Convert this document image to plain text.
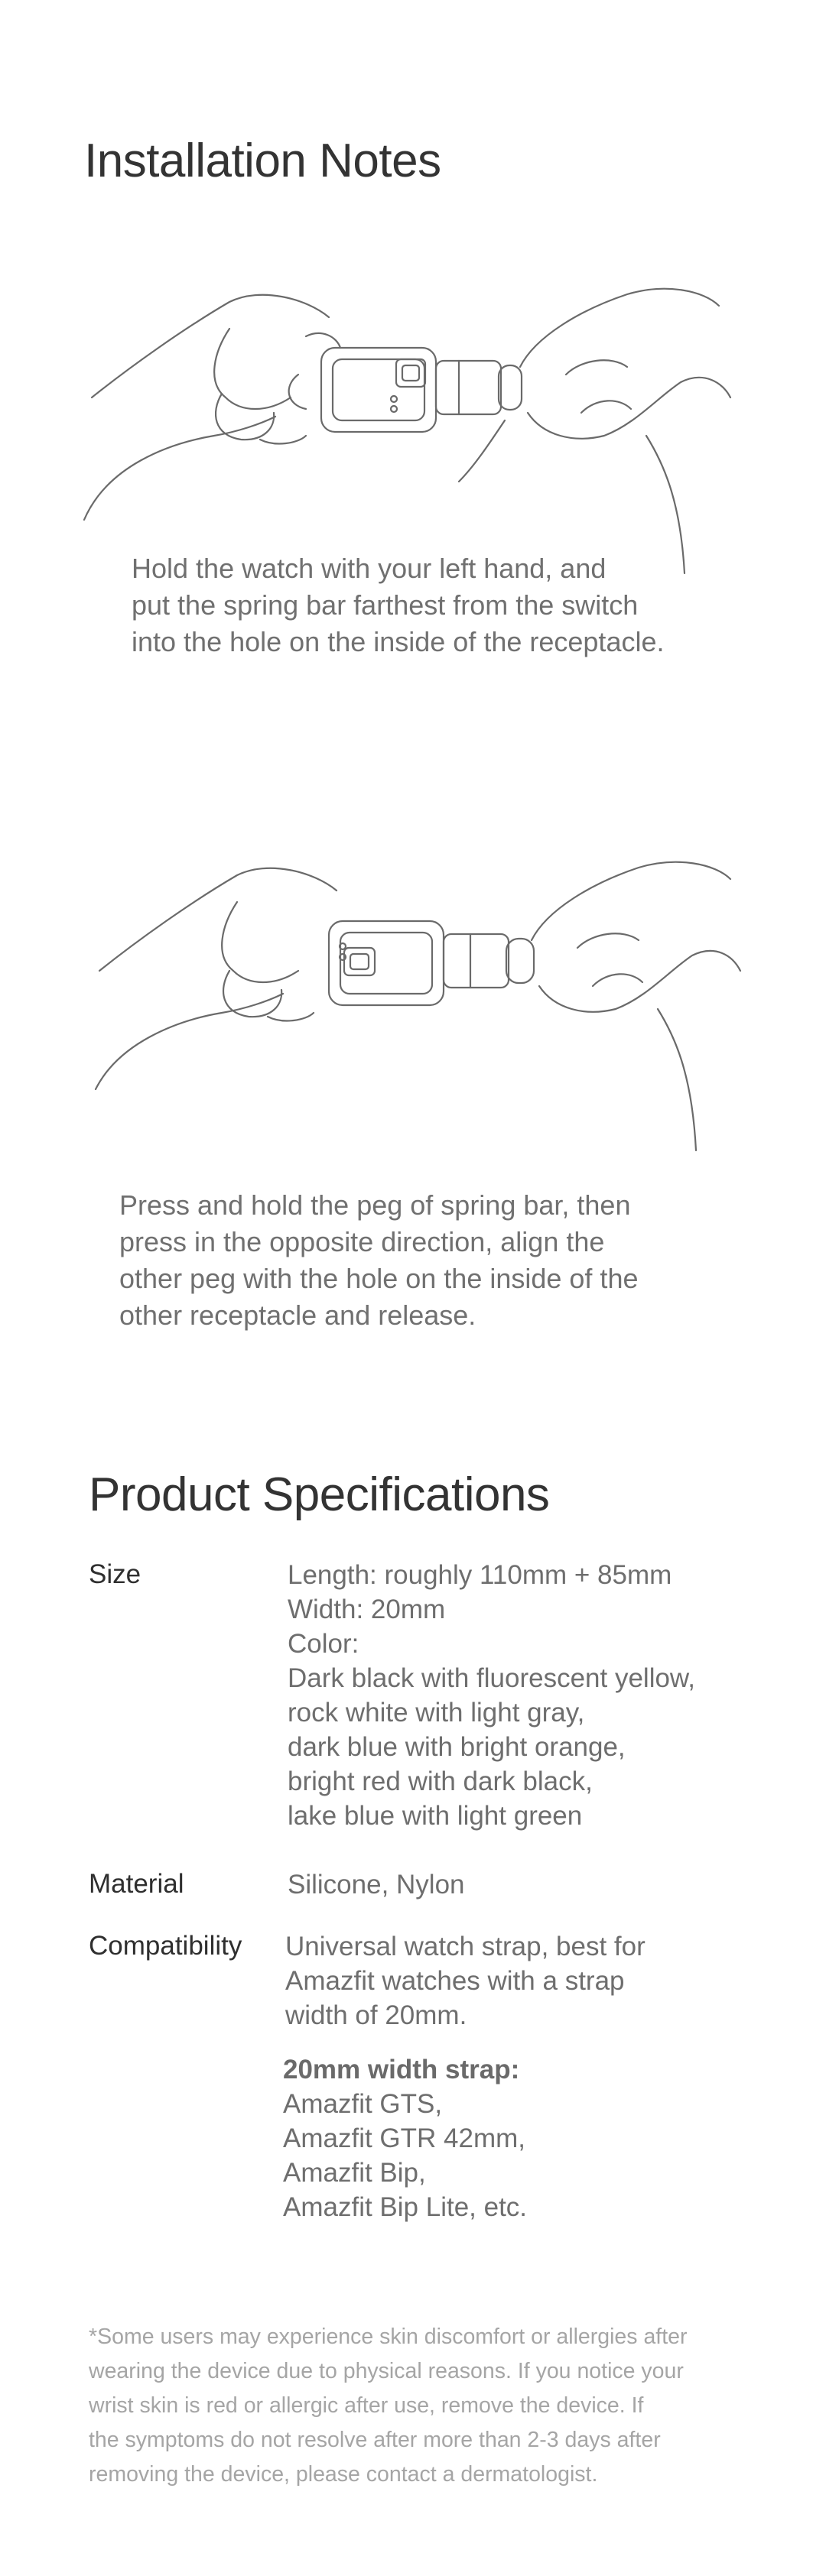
Installation Notes
Hold the watch with your left hand, and
put the spring bar farthest from the switch
into the hole on the inside of the receptacle.
Press and hold the peg of spring bar, then
press in the opposite direction, align the
other peg with the hole on the inside of the
other receptacle and release.
Product Specifications
Size	Length: roughly 110mm + 85mm
Width: 20mm
Color:
Dark black with fluorescent yellow,
rock white with light gray,
dark blue with bright orange,
bright red with dark black,
lake blue with light green
Material	Silicone, Nylon
Compatibility Universal watch strap, best for
Amazfit watches with a strap
width of 20mm.
20mm width strap:
Amazfit GTS,
Amazfit GTR 42mm,
Amazfit Bip,
Amazfit Bip Lite, etc.
*Some users may experience skin discomfort or allergies after
wearing the device due to physical reasons. If you notice your
wrist skin is red or allergic after use, remove the device. If
the symptoms do not resolve after more than 2-3 days after
removing the device, please contact a dermatologist.
